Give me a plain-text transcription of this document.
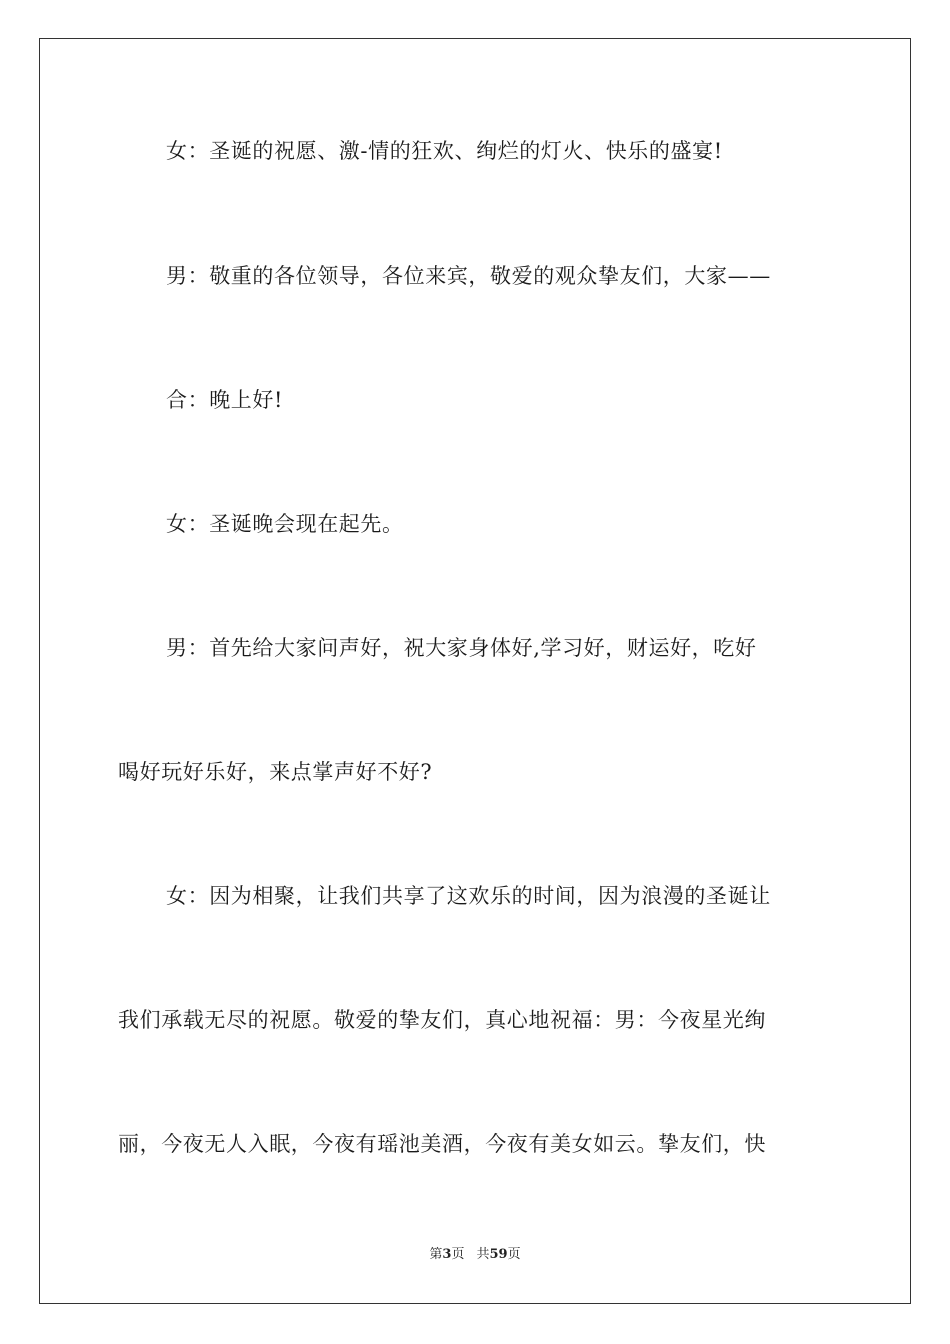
女：圣诞的祝愿、激-情的狂欢、绚烂的灯火、快乐的盛宴!
男：敬重的各位领导，各位来宾，敬爱的观众挚友们，大家——
合：晚上好!
女：圣诞晚会现在起先。
男：首先给大家问声好，祝大家身体好,学习好，财运好，吃好
喝好玩好乐好，来点掌声好不好?
女：因为相聚，让我们共享了这欢乐的时间，因为浪漫的圣诞让
我们承载无尽的祝愿。敬爱的挚友们，真心地祝福：男：今夜星光绚
丽，今夜无人入眠，今夜有瑶池美酒，今夜有美女如云。挚友们，快
第3页 共59页
